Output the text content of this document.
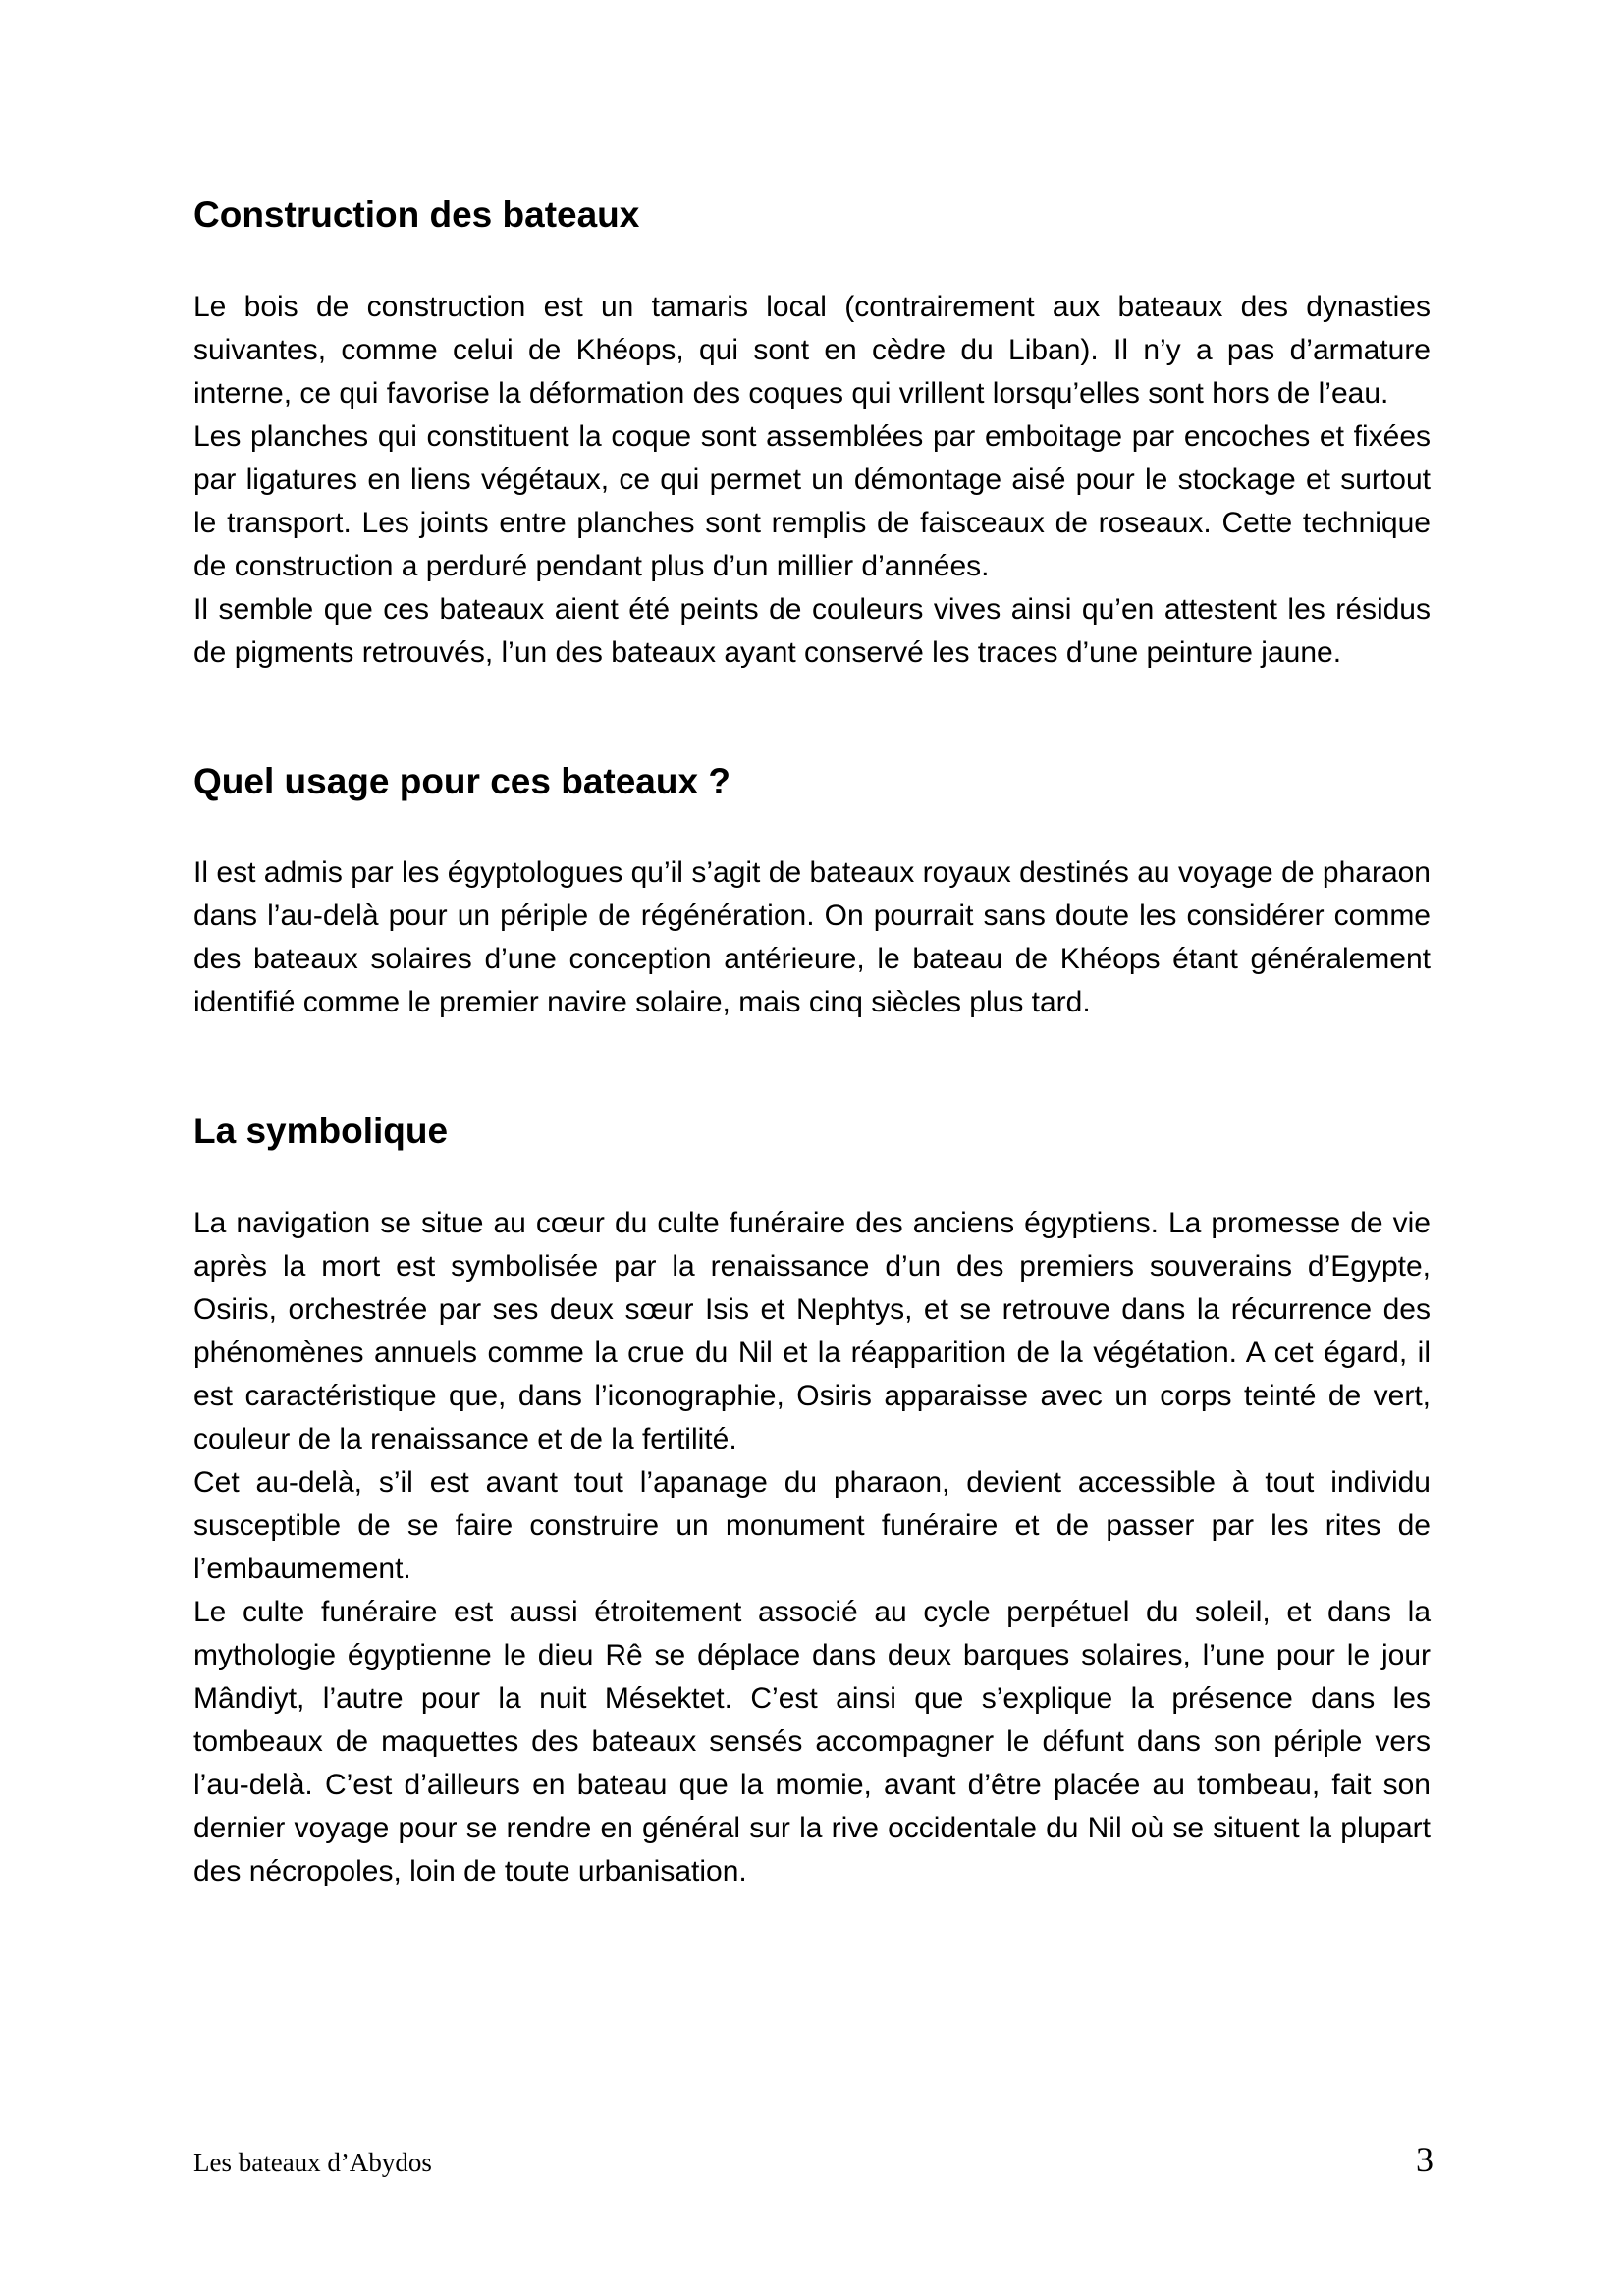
Construction des bateaux

Le bois de construction est un tamaris local (contrairement aux bateaux des dynasties suivantes, comme celui de Khéops, qui sont en cèdre du Liban). Il n’y a pas d’armature interne, ce qui favorise la déformation des coques qui vrillent lorsqu’elles sont hors de l’eau.

Les planches qui constituent la coque sont assemblées par emboitage par encoches et fixées par ligatures en liens végétaux, ce qui permet un démontage aisé pour le stockage et surtout le transport. Les joints entre planches sont remplis de faisceaux de roseaux. Cette technique de construction a perduré pendant plus d’un millier d’années.

Il semble que ces bateaux aient été peints de couleurs vives ainsi qu’en attestent les résidus de pigments retrouvés, l’un des bateaux ayant conservé les traces d’une peinture jaune.

Quel usage pour ces bateaux ?

Il est admis par les égyptologues qu’il s’agit de bateaux royaux destinés au voyage de pharaon dans l’au-delà pour un périple de régénération. On pourrait sans doute les considérer comme des bateaux solaires d’une conception antérieure, le bateau de Khéops étant généralement identifié comme le premier navire solaire, mais cinq siècles plus tard.

La symbolique

La navigation se situe au cœur du culte funéraire des anciens égyptiens. La promesse de vie après la mort est symbolisée par la renaissance d’un des premiers souverains d’Egypte, Osiris, orchestrée par ses deux sœur Isis et Nephtys, et se retrouve dans la récurrence des phénomènes annuels comme la crue du Nil et la réapparition de la végétation. A cet égard, il est caractéristique que, dans l’iconographie, Osiris apparaisse avec un corps teinté de vert, couleur de la renaissance et de la fertilité.

Cet au-delà, s’il est avant tout l’apanage du pharaon, devient accessible à tout individu susceptible de se faire construire un monument funéraire et de passer par les rites de l’embaumement.

Le culte funéraire est aussi étroitement associé au cycle perpétuel du soleil, et dans la mythologie égyptienne le dieu Rê se déplace dans deux barques solaires, l’une pour le jour Mândiyt, l’autre pour la nuit Mésektet. C’est ainsi que s’explique la présence dans les tombeaux de maquettes des bateaux sensés accompagner le défunt dans son périple vers l’au-delà. C’est d’ailleurs en bateau que la momie, avant d’être placée au tombeau, fait son dernier voyage pour se rendre en général sur la rive occidentale du Nil où se situent la plupart des nécropoles, loin de toute urbanisation.

Les bateaux d’Abydos	3
